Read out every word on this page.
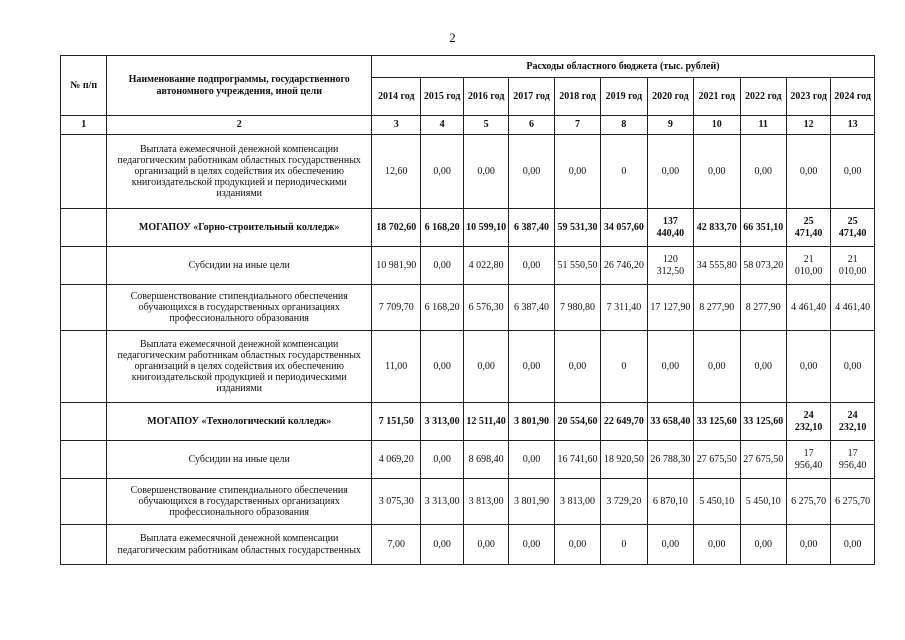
2
№ п/п	Наименование подпрограммы, государственного автономного учреждения, иной цели	Расходы областного бюджета (тыс. рублей)										
		2014 год	2015 год	2016 год	2017 год	2018 год	2019 год	2020 год	2021 год	2022 год	2023 год	2024 год
1	2	3	4	5	6	7	8	9	10	11	12	13
	Выплата ежемесячной денежной компенсации педагогическим работникам областных государственных организаций в целях содействия их обеспечению книгоиздательской продукцией и периодическими изданиями	12,60	0,00	0,00	0,00	0,00	0	0,00	0,00	0,00	0,00	0,00
	МОГАПОУ «Горно-строительный колледж»	18 702,60	6 168,20	10 599,10	6 387,40	59 531,30	34 057,60	137 440,40	42 833,70	66 351,10	25 471,40	25 471,40
	Субсидии на иные цели	10 981,90	0,00	4 022,80	0,00	51 550,50	26 746,20	120 312,50	34 555,80	58 073,20	21 010,00	21 010,00
	Совершенствование стипендиального обеспечения обучающихся в государственных организациях профессионального образования	7 709,70	6 168,20	6 576,30	6 387,40	7 980,80	7 311,40	17 127,90	8 277,90	8 277,90	4 461,40	4 461,40
	Выплата ежемесячной денежной компенсации педагогическим работникам областных государственных организаций в целях содействия их обеспечению книгоиздательской продукцией и периодическими изданиями	11,00	0,00	0,00	0,00	0,00	0	0,00	0,00	0,00	0,00	0,00
	МОГАПОУ «Технологический колледж»	7 151,50	3 313,00	12 511,40	3 801,90	20 554,60	22 649,70	33 658,40	33 125,60	33 125,60	24 232,10	24 232,10
	Субсидии на иные цели	4 069,20	0,00	8 698,40	0,00	16 741,60	18 920,50	26 788,30	27 675,50	27 675,50	17 956,40	17 956,40
	Совершенствование стипендиального обеспечения обучающихся в государственных организациях профессионального образования	3 075,30	3 313,00	3 813,00	3 801,90	3 813,00	3 729,20	6 870,10	5 450,10	5 450,10	6 275,70	6 275,70
	Выплата ежемесячной денежной компенсации педагогическим работникам областных государственных	7,00	0,00	0,00	0,00	0,00	0	0,00	0,00	0,00	0,00	0,00
